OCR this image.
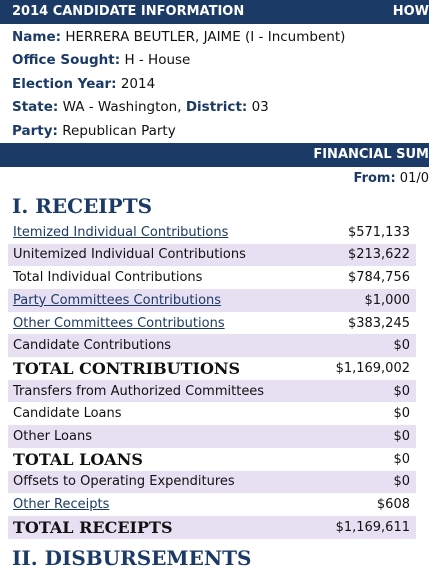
2014 CANDIDATE INFORMATION	HOW
Name: HERRERA BEUTLER, JAIME (I - Incumbent)
Office Sought: H - House
Election Year: 2014
State: WA - Washington, District: 03
Party: Republican Party
FINANCIAL SUM
From: 01/0
I. RECEIPTS
Itemized Individual Contributions	$571,133
Unitemized Individual Contributions	$213,622
Total Individual Contributions	$784,756
Party Committees Contributions	$1,000
Other Committees Contributions	$383,245
Candidate Contributions	$0
TOTAL CONTRIBUTIONS	$1,169,002
Transfers from Authorized Committees	$0
Candidate Loans	$0
Other Loans	$0
TOTAL LOANS	$0
Offsets to Operating Expenditures	$0
Other Receipts	$608
TOTAL RECEIPTS	$1,169,611
II. DISBURSEMENTS
